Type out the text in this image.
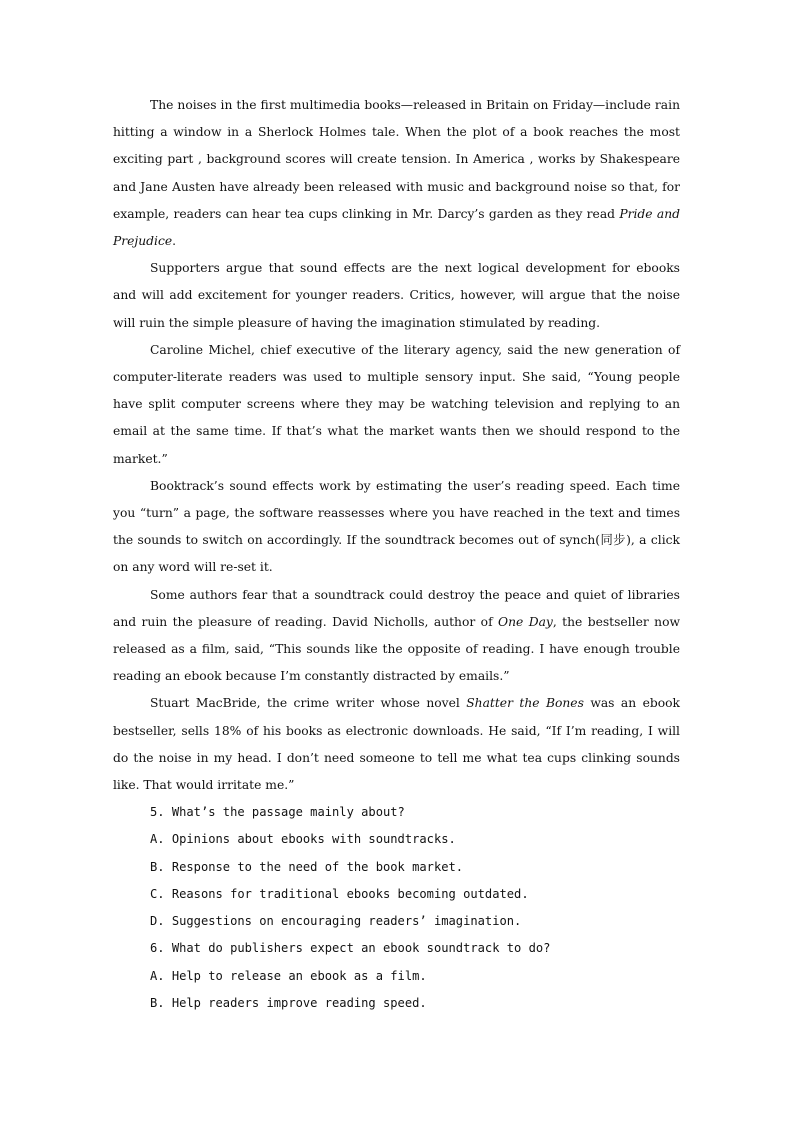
The noises in the first multimedia books—released in Britain on Friday—include rain hitting a window in a Sherlock Holmes tale. When the plot of a book reaches the most exciting part , background scores will create tension. In America , works by Shakespeare and Jane Austen have already been released with music and background noise so that, for example, readers can hear tea cups clinking in Mr. Darcy’s garden as they read Pride and Prejudice.

Supporters argue that sound effects are the next logical development for ebooks and will add excitement for younger readers. Critics, however, will argue that the noise will ruin the simple pleasure of having the imagination stimulated by reading.

Caroline Michel, chief executive of the literary agency, said the new generation of computer-literate readers was used to multiple sensory input. She said, “Young people have split computer screens where they may be watching television and replying to an email at the same time. If that’s what the market wants then we should respond to the market.”

Booktrack’s sound effects work by estimating the user’s reading speed. Each time you “turn” a page, the software reassesses where you have reached in the text and times the sounds to switch on accordingly. If the soundtrack becomes out of synch(同步), a click on any word will re-set it.

Some authors fear that a soundtrack could destroy the peace and quiet of libraries and ruin the pleasure of reading. David Nicholls, author of One Day, the bestseller now released as a film, said, “This sounds like the opposite of reading. I have enough trouble reading an ebook because I’m constantly distracted by emails.”

Stuart MacBride, the crime writer whose novel Shatter the Bones was an ebook bestseller, sells 18% of his books as electronic downloads. He said, “If I’m reading, I will do the noise in my head. I don’t need someone to tell me what tea cups clinking sounds like. That would irritate me.”

5. What’s the passage mainly about?

A. Opinions about ebooks with soundtracks.

B. Response to the need of the book market.

C. Reasons for traditional ebooks becoming outdated.

D. Suggestions on encouraging readers’ imagination.

6. What do publishers expect an ebook soundtrack to do?

A. Help to release an ebook as a film.

B. Help readers improve reading speed.
